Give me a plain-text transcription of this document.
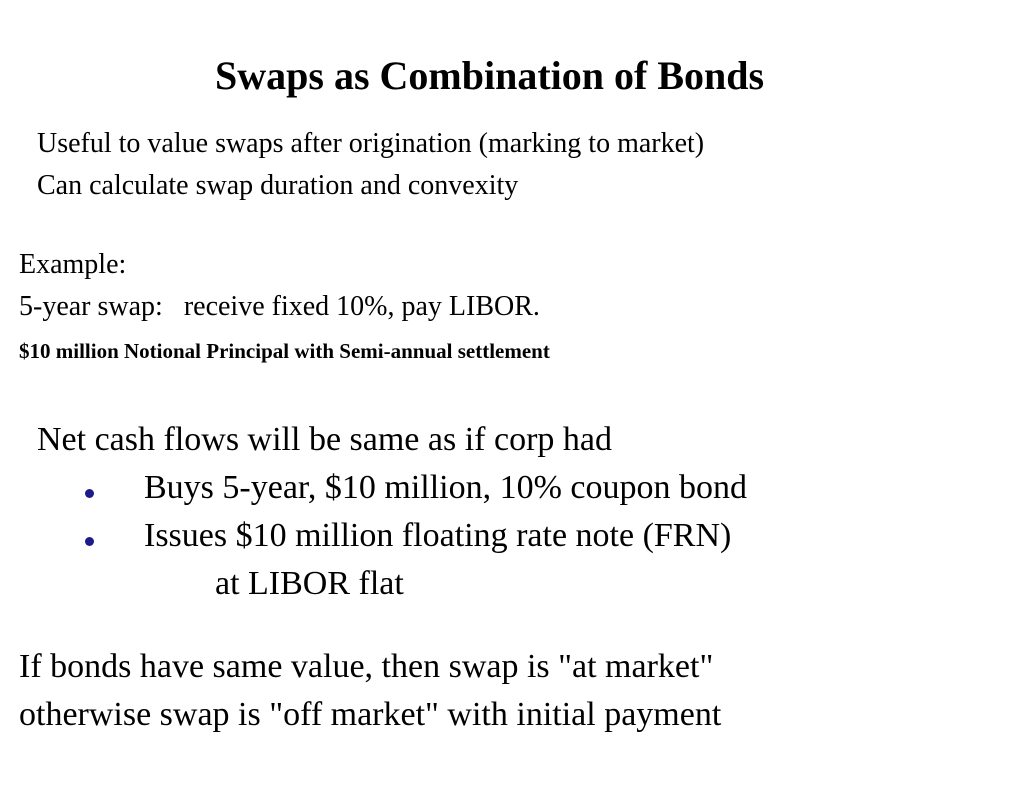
Swaps as Combination of Bonds

Useful to value swaps after origination (marking to market)

Can calculate swap duration and convexity

Example:

5-year swap:   receive fixed 10%, pay LIBOR.

$10 million Notional Principal with Semi-annual settlement

Net cash flows will be same as if corp had

Buys 5-year, $10 million, 10% coupon bond

Issues $10 million floating rate note (FRN)

at LIBOR flat

If bonds have same value, then swap is "at market"

otherwise swap is "off market" with initial payment
